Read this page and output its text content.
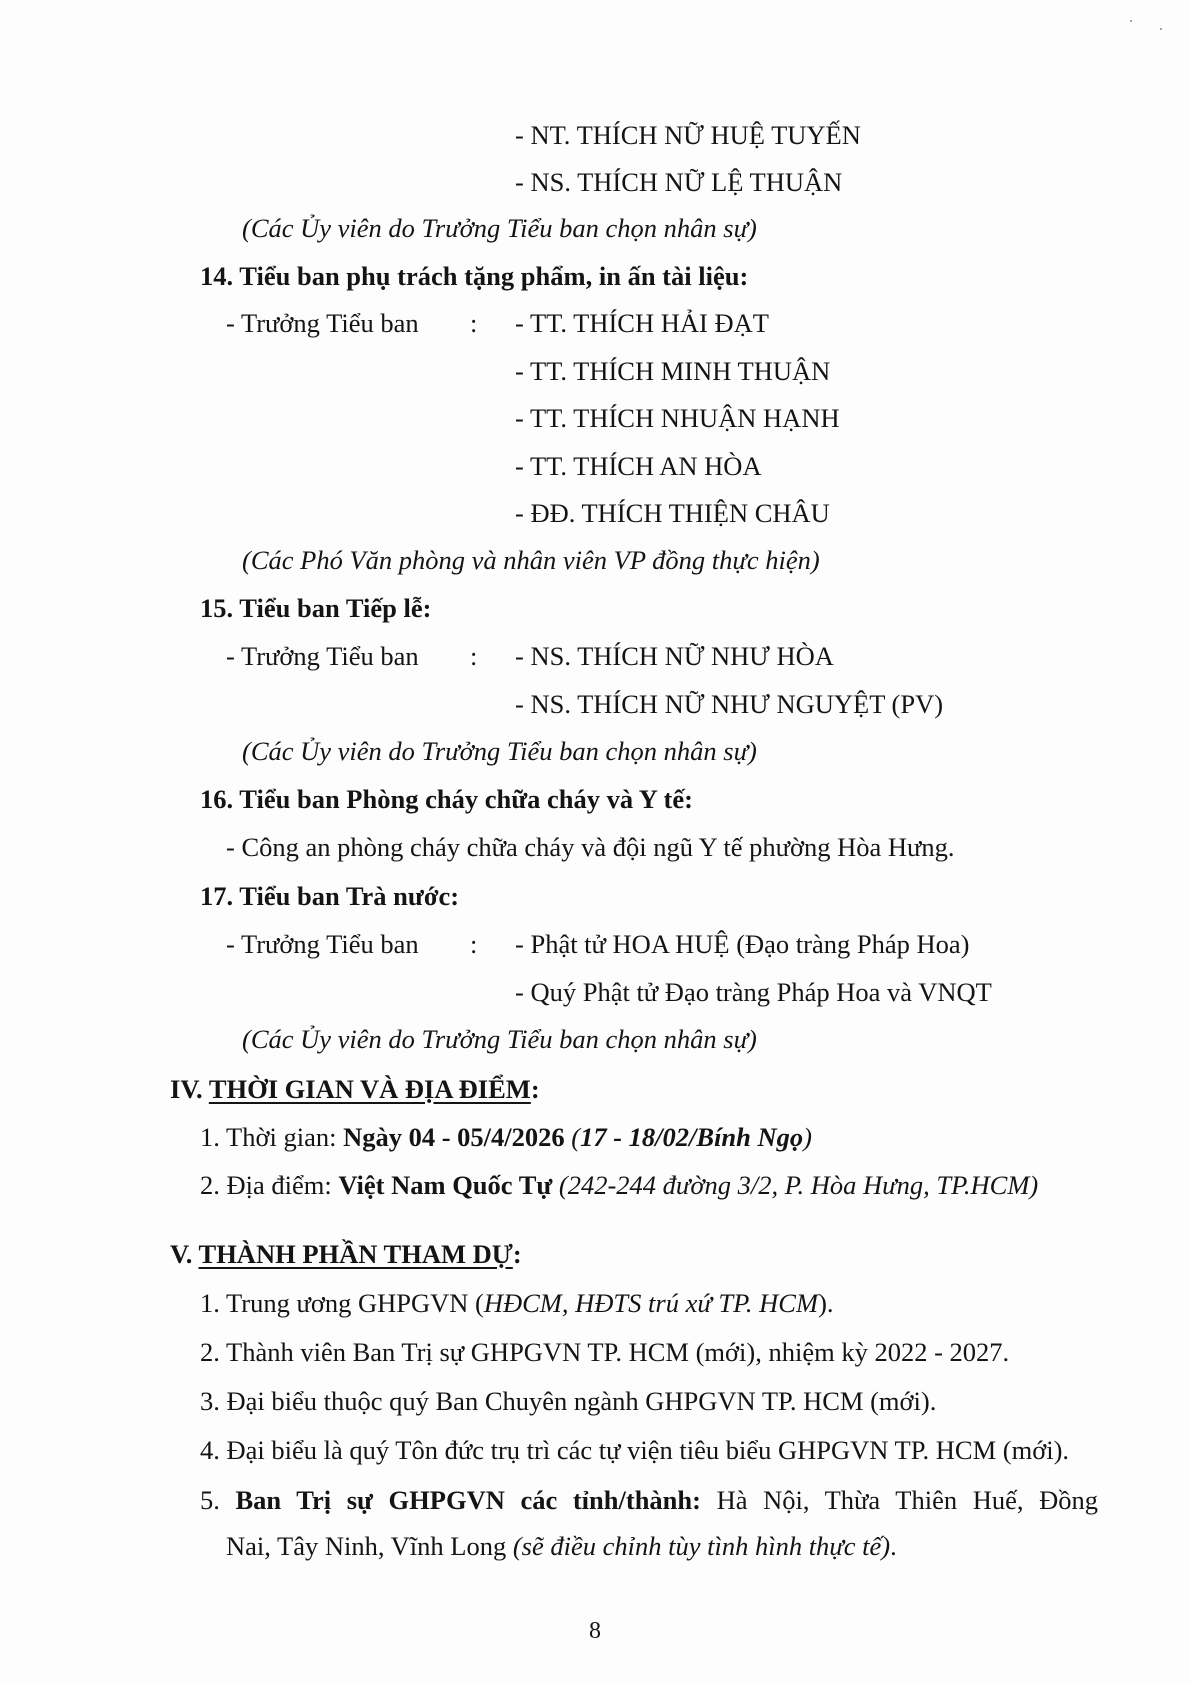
- NT. THÍCH NỮ HUỆ TUYẾN
- NS. THÍCH NỮ LỆ THUẬN
(Các Ủy viên do Trưởng Tiểu ban chọn nhân sự)
14. Tiểu ban phụ trách tặng phẩm, in ấn tài liệu:
- Trưởng Tiểu ban : - TT. THÍCH HẢI ĐẠT
- TT. THÍCH MINH THUẬN
- TT. THÍCH NHUẬN HẠNH
- TT. THÍCH AN HÒA
- ĐĐ. THÍCH THIỆN CHÂU
(Các Phó Văn phòng và nhân viên VP đồng thực hiện)
15. Tiểu ban Tiếp lễ:
- Trưởng Tiểu ban : - NS. THÍCH NỮ NHƯ HÒA
- NS. THÍCH NỮ NHƯ NGUYỆT (PV)
(Các Ủy viên do Trưởng Tiểu ban chọn nhân sự)
16. Tiểu ban Phòng cháy chữa cháy và Y tế:
- Công an phòng cháy chữa cháy và đội ngũ Y tế phường Hòa Hưng.
17. Tiểu ban Trà nước:
- Trưởng Tiểu ban : - Phật tử HOA HUỆ (Đạo tràng Pháp Hoa)
- Quý Phật tử Đạo tràng Pháp Hoa và VNQT
(Các Ủy viên do Trưởng Tiểu ban chọn nhân sự)
IV. THỜI GIAN VÀ ĐỊA ĐIỂM:
1. Thời gian: Ngày 04 - 05/4/2026 (17 - 18/02/Bính Ngọ)
2. Địa điểm: Việt Nam Quốc Tự (242-244 đường 3/2, P. Hòa Hưng, TP.HCM)
V. THÀNH PHẦN THAM DỰ:
1. Trung ương GHPGVN (HĐCM, HĐTS trú xứ TP. HCM).
2. Thành viên Ban Trị sự GHPGVN TP. HCM (mới), nhiệm kỳ 2022 - 2027.
3. Đại biểu thuộc quý Ban Chuyên ngành GHPGVN TP. HCM (mới).
4. Đại biểu là quý Tôn đức trụ trì các tự viện tiêu biểu GHPGVN TP. HCM (mới).
5. Ban Trị sự GHPGVN các tỉnh/thành: Hà Nội, Thừa Thiên Huế, Đồng
Nai, Tây Ninh, Vĩnh Long (sẽ điều chỉnh tùy tình hình thực tế).
8
